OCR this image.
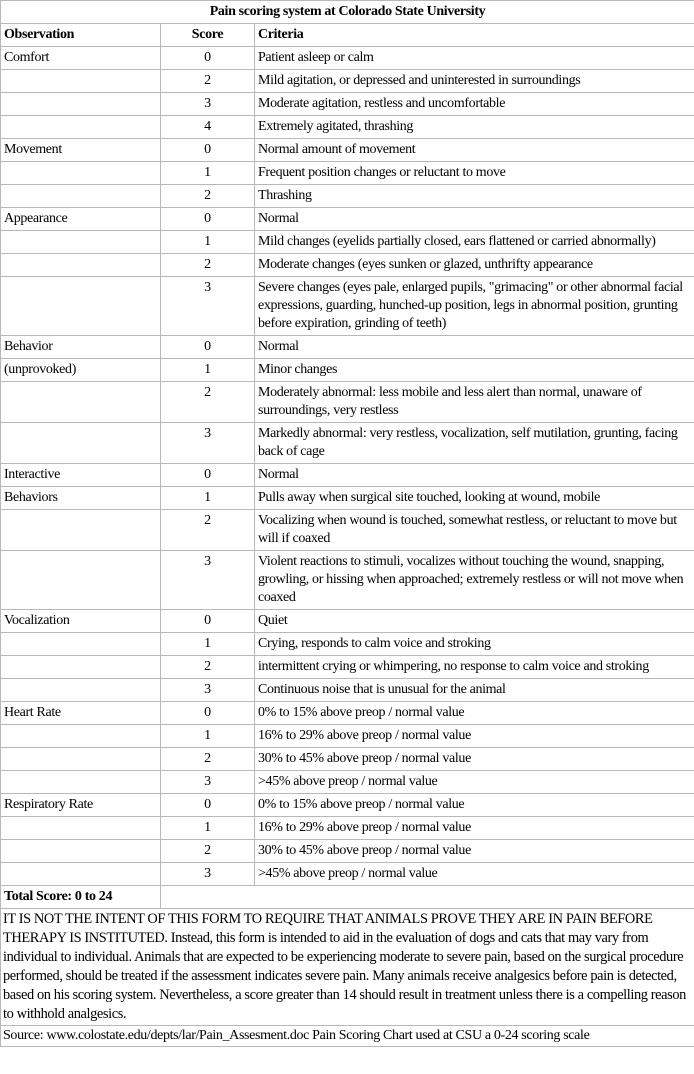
Pain scoring system at Colorado State University		
Observation	Score	Criteria
Comfort	0	Patient asleep or calm
	2	Mild agitation, or depressed and uninterested in surroundings
	3	Moderate agitation, restless and uncomfortable
	4	Extremely agitated, thrashing
Movement	0	Normal amount of movement
	1	Frequent position changes or reluctant to move
	2	Thrashing
Appearance	0	Normal
	1	Mild changes (eyelids partially closed, ears flattened or carried abnormally)
	2	Moderate changes (eyes sunken or glazed, unthrifty appearance
	3	Severe changes (eyes pale, enlarged pupils, "grimacing" or other abnormal facial expressions, guarding, hunched-up position, legs in abnormal position, grunting before expiration, grinding of teeth)
Behavior	0	Normal
(unprovoked)	1	Minor changes
	2	Moderately abnormal: less mobile and less alert than normal, unaware of surroundings, very restless
	3	Markedly abnormal: very restless, vocalization, self mutilation, grunting, facing back of cage
Interactive	0	Normal
Behaviors	1	Pulls away when surgical site touched, looking at wound, mobile
	2	Vocalizing when wound is touched, somewhat restless, or reluctant to move but will if coaxed
	3	Violent reactions to stimuli, vocalizes without touching the wound, snapping, growling, or hissing when approached; extremely restless or will not move when coaxed
Vocalization	0	Quiet
	1	Crying, responds to calm voice and stroking
	2	intermittent crying or whimpering, no response to calm voice and stroking
	3	Continuous noise that is unusual for the animal
Heart Rate	0	0% to 15% above preop / normal value
	1	16% to 29% above preop / normal value
	2	30% to 45% above preop / normal value
	3	>45% above preop / normal value
Respiratory Rate	0	0% to 15% above preop / normal value
	1	16% to 29% above preop / normal value
	2	30% to 45% above preop / normal value
	3	>45% above preop / normal value
Total Score: 0 to 24		
IT IS NOT THE INTENT OF THIS FORM TO REQUIRE THAT ANIMALS PROVE THEY ARE IN PAIN BEFORE THERAPY IS INSTITUTED. Instead, this form is intended to aid in the evaluation of dogs and cats that may vary from individual to individual. Animals that are expected to be experiencing moderate to severe pain, based on the surgical procedure performed, should be treated if the assessment indicates severe pain. Many animals receive analgesics before pain is detected, based on his scoring system. Nevertheless, a score greater than 14 should result in treatment unless there is a compelling reason to withhold analgesics.		
Source: www.colostate.edu/depts/lar/Pain_Assesment.doc Pain Scoring Chart used at CSU a 0-24 scoring scale		
